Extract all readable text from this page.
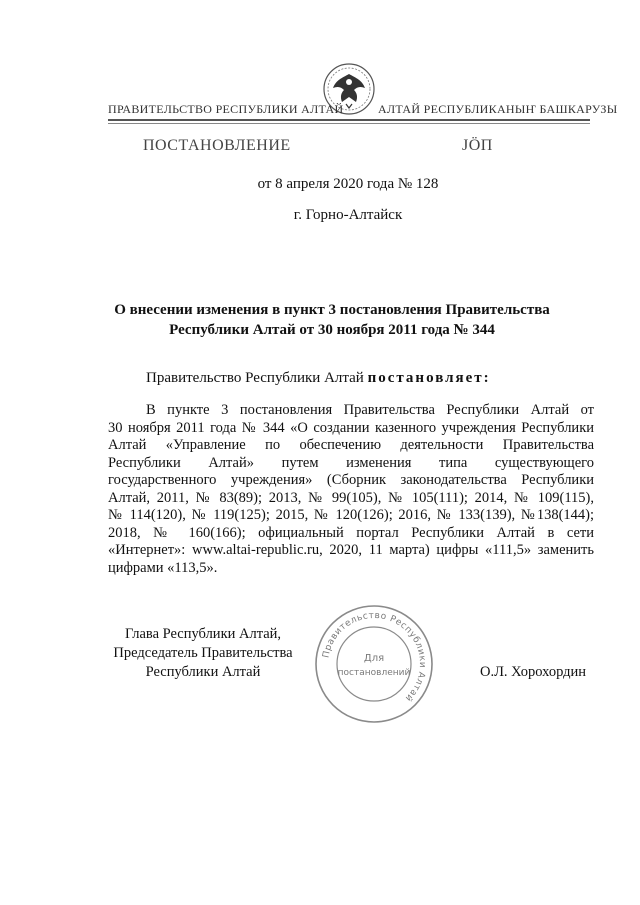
ПРАВИТЕЛЬСТВО РЕСПУБЛИКИ АЛТАЙ	АЛТАЙ РЕСПУБЛИКАНЫҤ БАШКАРУЗЫ
ПОСТАНОВЛЕНИЕ	ЈӦП
от 8 апреля 2020 года № 128
г. Горно-Алтайск
О внесении изменения в пункт 3 постановления Правительства
Республики Алтай от 30 ноября 2011 года № 344
Правительство Республики Алтай постановляет:
В пункте 3 постановления Правительства Республики Алтай от
30 ноября 2011 года № 344 «О создании казенного учреждения Республики
Алтай «Управление по обеспечению деятельности Правительства
Республики Алтай» путем изменения типа существующего
государственного учреждения» (Сборник законодательства Республики
Алтай, 2011, № 83(89); 2013, № 99(105), № 105(111); 2014, № 109(115),
№ 114(120), № 119(125); 2015, № 120(126); 2016, № 133(139), №138(144);
2018, № 160(166); официальный портал Республики Алтай в сети
«Интернет»: www.altai-republic.ru, 2020, 11 марта) цифры «111,5» заменить
цифрами «113,5».
Глава Республики Алтай,
Председатель Правительства
Республики Алтай
Правительство Республики Алтай
Для
постановлений	О.Л. Хорохордин
